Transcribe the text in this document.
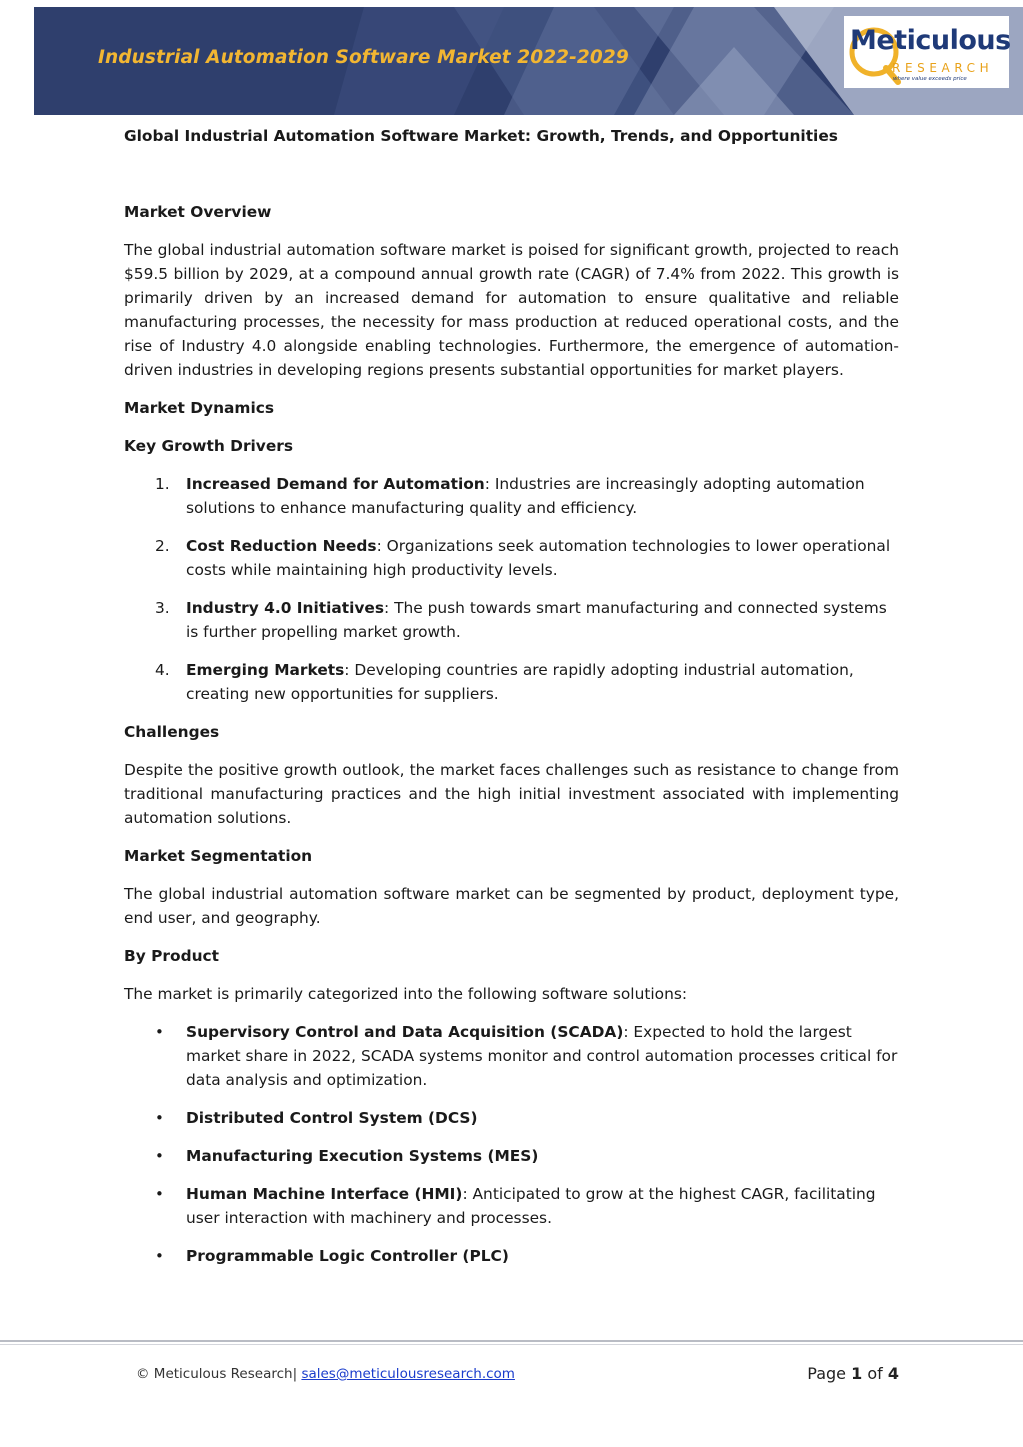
Industrial Automation Software Market 2022-2029
Meticulous
RESEARCH
where value exceeds price

Global Industrial Automation Software Market: Growth, Trends, and Opportunities

Market Overview

The global industrial automation software market is poised for significant growth, projected to reach $59.5 billion by 2029, at a compound annual growth rate (CAGR) of 7.4% from 2022. This growth is primarily driven by an increased demand for automation to ensure qualitative and reliable manufacturing processes, the necessity for mass production at reduced operational costs, and the rise of Industry 4.0 alongside enabling technologies. Furthermore, the emergence of automation-driven industries in developing regions presents substantial opportunities for market players.

Market Dynamics

Key Growth Drivers

1. Increased Demand for Automation: Industries are increasingly adopting automation solutions to enhance manufacturing quality and efficiency.
2. Cost Reduction Needs: Organizations seek automation technologies to lower operational costs while maintaining high productivity levels.
3. Industry 4.0 Initiatives: The push towards smart manufacturing and connected systems is further propelling market growth.
4. Emerging Markets: Developing countries are rapidly adopting industrial automation, creating new opportunities for suppliers.

Challenges

Despite the positive growth outlook, the market faces challenges such as resistance to change from traditional manufacturing practices and the high initial investment associated with implementing automation solutions.

Market Segmentation

The global industrial automation software market can be segmented by product, deployment type, end user, and geography.

By Product

The market is primarily categorized into the following software solutions:

• Supervisory Control and Data Acquisition (SCADA): Expected to hold the largest market share in 2022, SCADA systems monitor and control automation processes critical for data analysis and optimization.
• Distributed Control System (DCS)
• Manufacturing Execution Systems (MES)
• Human Machine Interface (HMI): Anticipated to grow at the highest CAGR, facilitating user interaction with machinery and processes.
• Programmable Logic Controller (PLC)
© Meticulous Research| sales@meticulousresearch.com	Page 1 of 4
